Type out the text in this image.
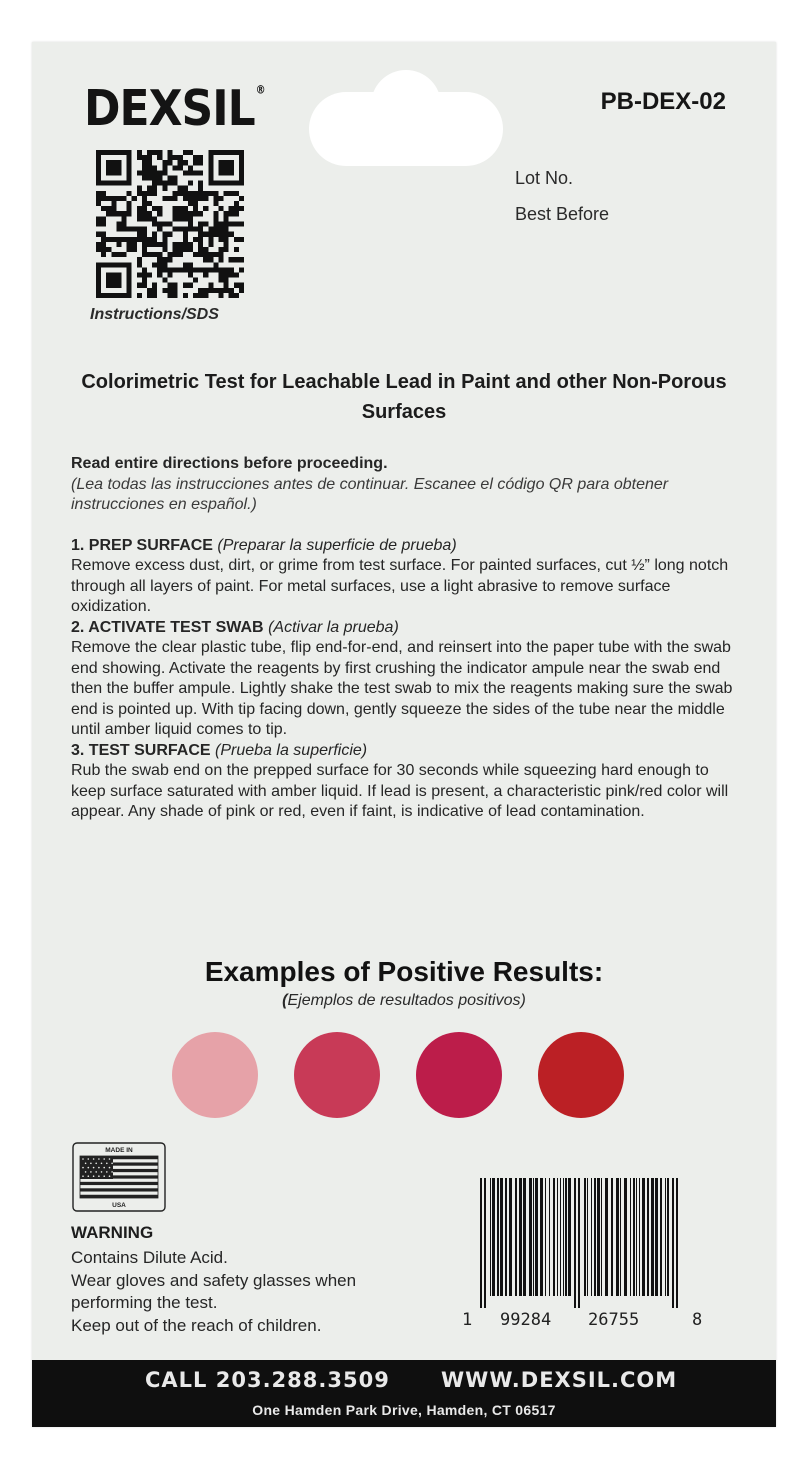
DEXSIL®	PB-DEX-02
Lot No.
Best Before
Instructions/SDS
Colorimetric Test for Leachable Lead in Paint and other Non-Porous Surfaces
Read entire directions before proceeding.
(Lea todas las instrucciones antes de continuar. Escanee el código QR para obtener instrucciones en español.)
1. PREP SURFACE (Preparar la superficie de prueba)
Remove excess dust, dirt, or grime from test surface. For painted surfaces, cut ½” long notch through all layers of paint. For metal surfaces, use a light abrasive to remove surface oxidization.
2. ACTIVATE TEST SWAB (Activar la prueba)
Remove the clear plastic tube, flip end-for-end, and reinsert into the paper tube with the swab end showing. Activate the reagents by first crushing the indicator ampule near the swab end then the buffer ampule. Lightly shake the test swab to mix the reagents making sure the swab end is pointed up. With tip facing down, gently squeeze the sides of the tube near the middle until amber liquid comes to tip.
3. TEST SURFACE (Prueba la superficie)
Rub the swab end on the prepped surface for 30 seconds while squeezing hard enough to keep surface saturated with amber liquid. If lead is present, a characteristic pink/red color will appear. Any shade of pink or red, even if faint, is indicative of lead contamination.
Examples of Positive Results:
(Ejemplos de resultados positivos)
MADE IN
USA
WARNING
Contains Dilute Acid.
Wear gloves and safety glasses when
performing the test.
Keep out of the reach of children.	1 99284 26755	8
CALL 203.288.3509 WWW.DEXSIL.COM
One Hamden Park Drive, Hamden, CT 06517
